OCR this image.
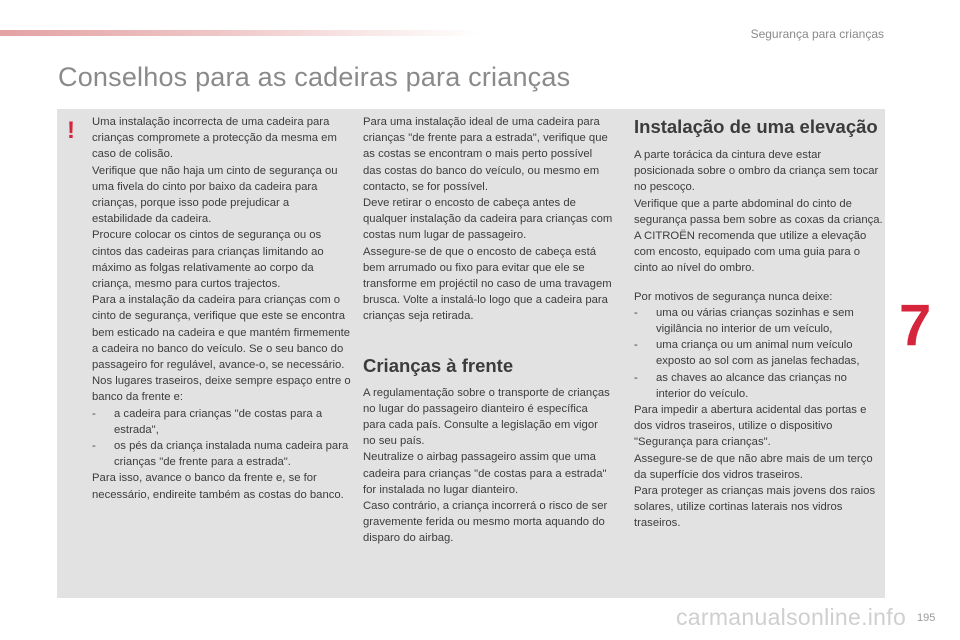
Segurança para crianças
Conselhos para as cadeiras para crianças
! Uma instalação incorrecta de uma cadeira para crianças compromete a protecção da mesma em caso de colisão.

Verifique que não haja um cinto de segurança ou uma fivela do cinto por baixo da cadeira para crianças, porque isso pode prejudicar a estabilidade da cadeira.

Procure colocar os cintos de segurança ou os cintos das cadeiras para crianças limitando ao máximo as folgas relativamente ao corpo da criança, mesmo para curtos trajectos.

Para a instalação da cadeira para crianças com o cinto de segurança, verifique que este se encontra bem esticado na cadeira e que mantém firmemente a cadeira no banco do veículo. Se o seu banco do passageiro for regulável, avance-o, se necessário.

Nos lugares traseiros, deixe sempre espaço entre o banco da frente e:

- a cadeira para crianças "de costas para a estrada",
- os pés da criança instalada numa cadeira para crianças "de frente para a estrada".

Para isso, avance o banco da frente e, se for necessário, endireite também as costas do banco.

Para uma instalação ideal de uma cadeira para crianças "de frente para a estrada", verifique que as costas se encontram o mais perto possível das costas do banco do veículo, ou mesmo em contacto, se for possível.

Deve retirar o encosto de cabeça antes de qualquer instalação da cadeira para crianças com costas num lugar de passageiro.

Assegure-se de que o encosto de cabeça está bem arrumado ou fixo para evitar que ele se transforme em projéctil no caso de uma travagem brusca. Volte a instalá-lo logo que a cadeira para crianças seja retirada.

Crianças à frente

A regulamentação sobre o transporte de crianças no lugar do passageiro dianteiro é específica para cada país. Consulte a legislação em vigor no seu país.

Neutralize o airbag passageiro assim que uma cadeira para crianças "de costas para a estrada" for instalada no lugar dianteiro.

Caso contrário, a criança incorrerá o risco de ser gravemente ferida ou mesmo morta aquando do disparo do airbag.

Instalação de uma elevação

A parte torácica da cintura deve estar posicionada sobre o ombro da criança sem tocar no pescoço.

Verifique que a parte abdominal do cinto de segurança passa bem sobre as coxas da criança.

A CITROËN recomenda que utilize a elevação com encosto, equipado com uma guia para o cinto ao nível do ombro.

Por motivos de segurança nunca deixe:

- uma ou várias crianças sozinhas e sem vigilância no interior de um veículo,
- uma criança ou um animal num veículo exposto ao sol com as janelas fechadas,
- as chaves ao alcance das crianças no interior do veículo.

Para impedir a abertura acidental das portas e dos vidros traseiros, utilize o dispositivo "Segurança para crianças".

Assegure-se de que não abre mais de um terço da superfície dos vidros traseiros.

Para proteger as crianças mais jovens dos raios solares, utilize cortinas laterais nos vidros traseiros.

7
carmanualsonline.info 195
